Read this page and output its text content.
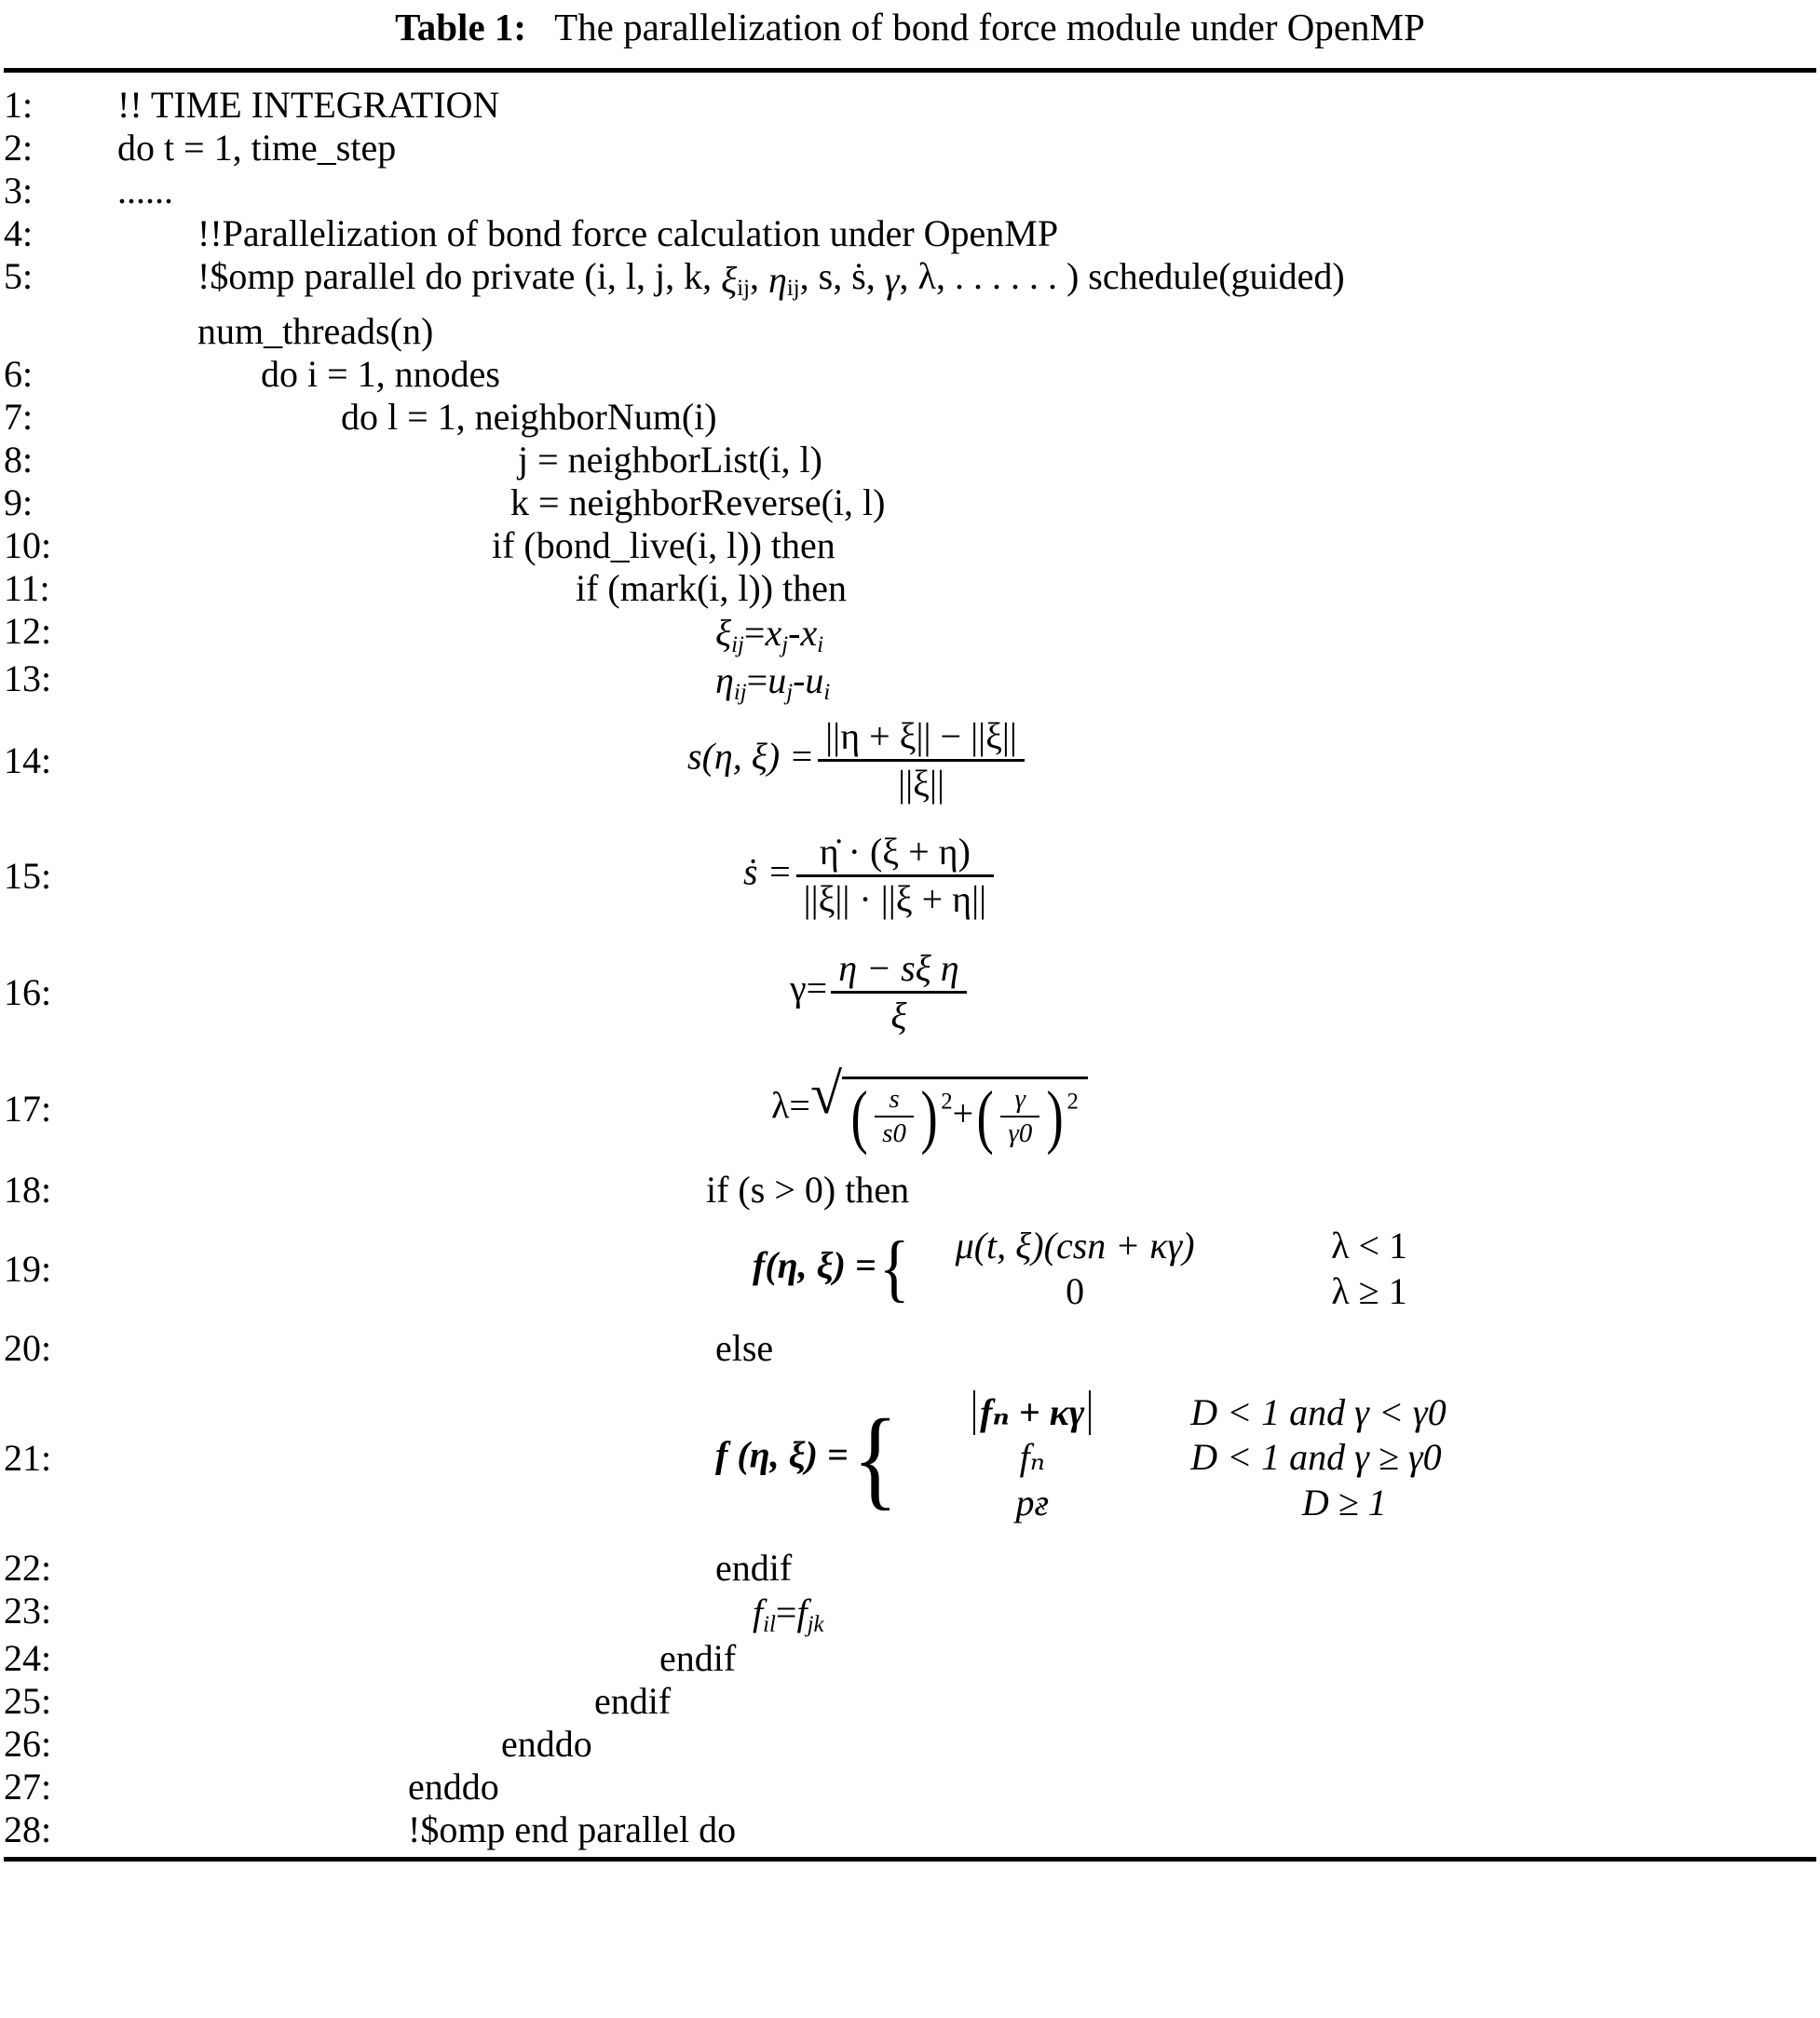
Table 1: The parallelization of bond force module under OpenMP
1:	!! TIME INTEGRATION
2:	do t = 1, time_step
3:	......
4:	!!Parallelization of bond force calculation under OpenMP
5:	!$omp parallel do private (i, l, j, k, $\xi_{ij}$, $\eta_{ij}$, s, ṡ, γ, λ, . . . . . . ) schedule(guided)
num_threads(n)
6:	do i = 1, nnodes
7:	do l = 1, neighborNum(i)
8:	j = neighborList(i, l)
9:	k = neighborReverse(i, l)
10:	if (bond_live(i, l)) then
11:	if (mark(i, l)) then
12:	$\xi_{ij}=x_j-x_i$
13:	$\eta_{ij}=u_j-u_i$
14:	s(η, $\xi) = \frac{||\eta + \xi|| - ||\xi||}{||\xi||}$
15:	ṡ = $\frac{\etȧ \cdot (\xi + \eta)}{||\xi|| \cdot ||\xi + \eta||}$
16:	$\gamma= \frac{\text{η − sξ η}}{\xi}$
17:	λ= √ ( $\frac{s}{s0}$ ) $^2+( \frac{\gamma}{\gamma 0}$ ) $^2$
18:	if (s > 0) then
19:	f(η, ξ) = {	μ(t, ξ)(csn + κγ)	λ < 1
0	λ ≥ 1
20:	else
21:	f (η, ξ) = {	fₙ + κγ	D < 1 and γ < γ0
fₙ	D < 1 and γ ≥ γ0
pғ	D ≥ 1
22:	endif
23:	$f_{il}=f_{jk}$
24:	endif
25:	endif
26:	enddo
27:	enddo
28:	!$omp end parallel do
